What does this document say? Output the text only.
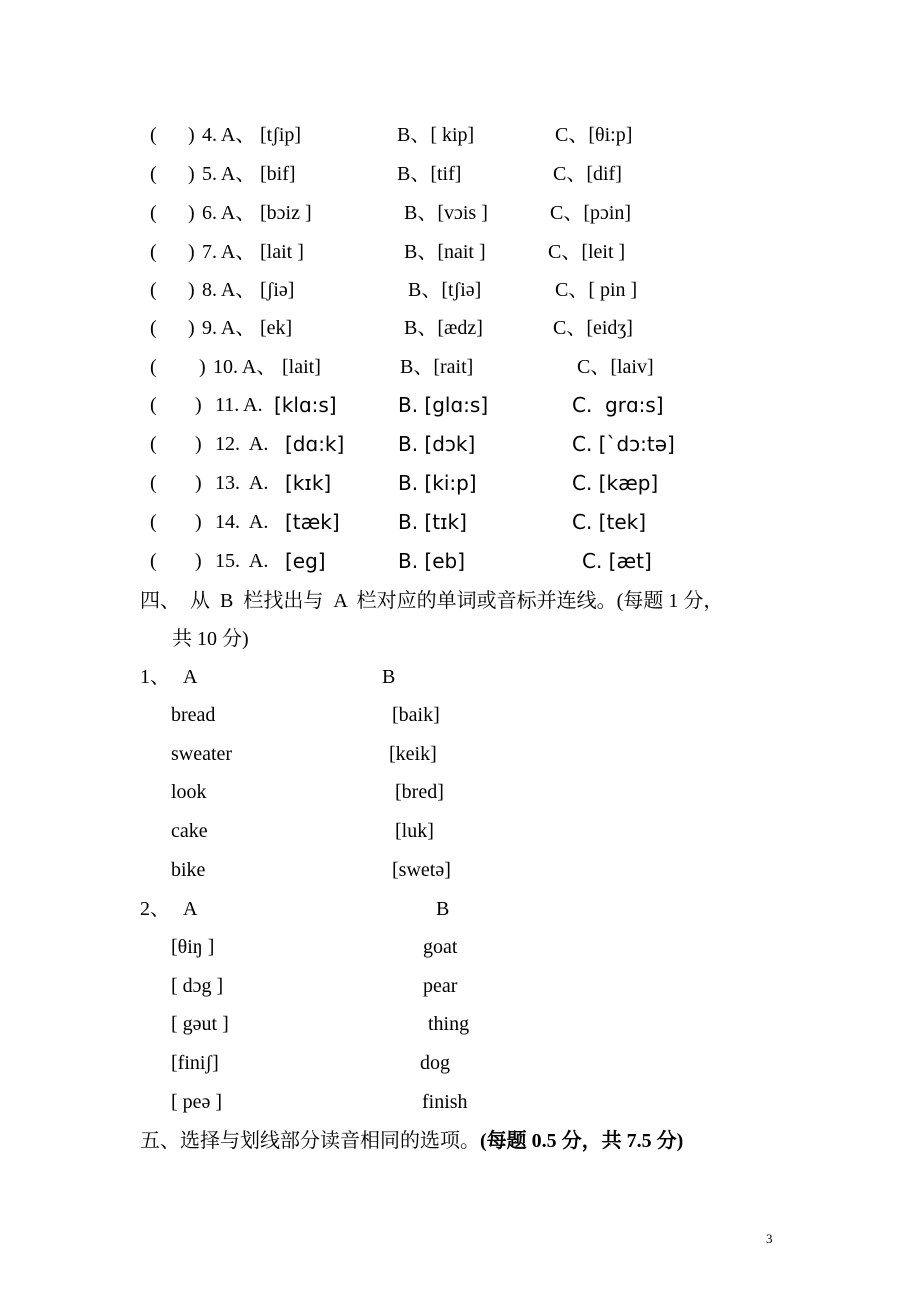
( ) 4. A、 [tʃip]	B、[ kip]	C、[θi:p]
( ) 5. A、 [bif]	B、[tif]	C、[dif]
( ) 6. A、 [bɔiz ]	B、[vɔis ]	C、[pɔin]
( ) 7. A、 [lait ]	B、[nait ]	C、[leit ]
( ) 8. A、 [ʃiə]	B、[tʃiə]	C、[ pin ]
( ) 9. A、 [ek]	B、[ædz]	C、[eidʒ]
( ) 10. A、 [lait]	B、[rait]	C、[laiv]
( ) 11. A. [klɑ:s]	B. [glɑ:s]	C.  grɑ:s]
( ) 12.  A. [dɑ:k]	B. [dɔk]	C. [ˋdɔ:tə]
( ) 13.  A. [kɪk]	B. [ki:p]	C. [kæp]
( ) 14.  A. [tæk]	B. [tɪk]	C. [tek]
( ) 15.  A. [eg]	B. [eb]	C. [æt]
四、  从  B  栏找出与  A  栏对应的单词或音标并连线。(每题 1 分，
共 10 分)
1、 A	B
bread	[baik]
sweater	[keik]
look	[bred]
cake	[luk]
bike	[swetə]
2、 A	B
[θiŋ ]	goat
[ dɔg ]	pear
[ gəut ]	thing
[finiʃ]	dog
[ peə ]	finish
五、选择与划线部分读音相同的选项。(每题 0.5 分，共 7.5 分)
3
